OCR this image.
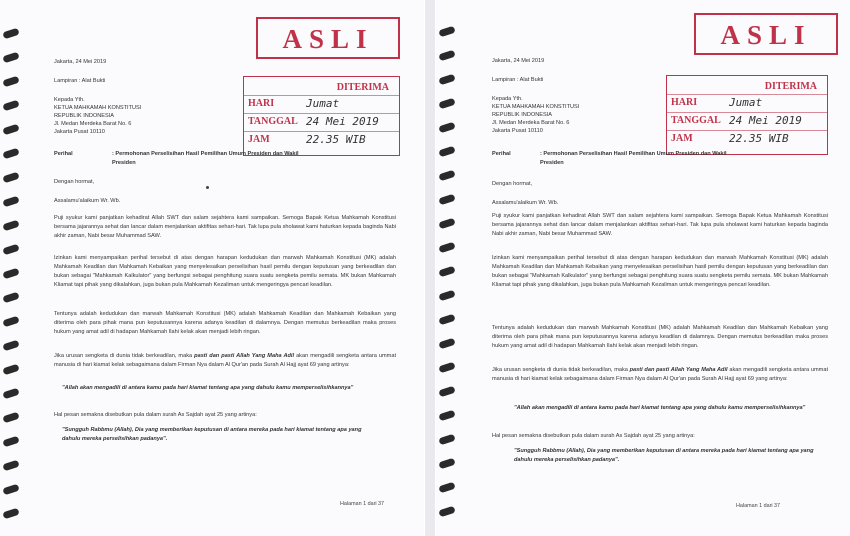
ASLI
DITERIMA
HARI	Jumat
TANGGAL 24 Mei 2019
JAM	22.35 WIB
Jakarta, 24 Mei 2019
Lampiran : Alat Bukti
Kepada Yth.
KETUA MAHKAMAH KONSTITUSI
REPUBLIK INDONESIA
Jl. Medan Merdeka Barat No. 6
Jakarta Pusat 10110
Perihal	: Permohonan Perselisihan Hasil Pemilihan Umum Presiden dan Wakil Presiden
Dengan hormat,
Assalamu'alaikum Wr. Wb.
Puji syukur kami panjatkan kehadirat Allah SWT dan salam sejahtera kami sampaikan. Semoga Bapak Ketua Mahkamah Konstitusi bersama jajarannya sehat dan lancar dalam menjalankan aktifitas sehari-hari. Tak lupa pula sholawat kami haturkan kepada baginda Nabi akhir zaman, Nabi besar Muhammad SAW.
Izinkan kami menyampaikan perihal tersebut di atas dengan harapan kedudukan dan marwah Mahkamah Konstitusi (MK) adalah Mahkamah Keadilan dan Mahkamah Kebaikan yang menyelesaikan perselisihan hasil pemilu dengan keputusan yang berkeadilan dan bukan sebagai "Mahkamah Kalkulator" yang berfungsi sebagai penghitung suara suatu sengketa pemilu semata. MK bukan Mahkamah Kliamat tapi pihak yang dikalahkan, juga bukan pula Mahkamah Kezaliman untuk mengeringya pencari keadilan.
Tentunya adalah kedudukan dan marwah Mahkamah Konstitusi (MK) adalah Mahkamah Keadilan dan Mahkamah Kebaikan yang diterima oleh para pihak mana pun keputusannya karena adanya keadilan di dalamnya. Dengan memutus berkeadilan maka proses hukum yang amat adil di hadapan Mahkamah Ilahi kelak akan menjadi lebih ringan.
Jika urusan sengketa di dunia tidak berkeadilan, maka pasti dan pasti Allah Yang Maha Adil akan mengadili sengketa antara ummat manusia di hari kiamat kelak sebagaimana dalam Firman Nya dalam Al Qur'an pada Surah Al Hajj ayat 69 yang artinya:
"Allah akan mengadili di antara kamu pada hari kiamat tentang apa yang dahulu kamu memperselisihkannya"
Hal pesan semakna disebutkan pula dalam surah As Sajdah ayat 25 yang artinya:
"Sungguh Rabbmu (Allah), Dia yang memberikan keputusan di antara mereka pada hari kiamat tentang apa yang dahulu mereka perselisihkan padanya".
Halaman 1 dari 37
ASLI
DITERIMA
HARI	Jumat
TANGGAL 24 Mei 2019
JAM	22.35 WIB
Jakarta, 24 Mei 2019
Lampiran : Alat Bukti
Kepada Yth.
KETUA MAHKAMAH KONSTITUSI
REPUBLIK INDONESIA
Jl. Medan Merdeka Barat No. 6
Jakarta Pusat 10110
Perihal	: Permohonan Perselisihan Hasil Pemilihan Umum Presiden dan Wakil Presiden
Dengan hormat,
Assalamu'alaikum Wr. Wb.
Puji syukur kami panjatkan kehadirat Allah SWT dan salam sejahtera kami sampaikan. Semoga Bapak Ketua Mahkamah Konstitusi bersama jajarannya sehat dan lancar dalam menjalankan aktifitas sehari-hari. Tak lupa pula sholawat kami haturkan kepada baginda Nabi akhir zaman, Nabi besar Muhammad SAW.
Izinkan kami menyampaikan perihal tersebut di atas dengan harapan kedudukan dan marwah Mahkamah Konstitusi (MK) adalah Mahkamah Keadilan dan Mahkamah Kebaikan yang menyelesaikan perselisihan hasil pemilu dengan keputusan yang berkeadilan dan bukan sebagai "Mahkamah Kalkulator" yang berfungsi sebagai penghitung suara suatu sengketa pemilu semata. MK bukan Mahkamah Kliamat tapi pihak yang dikalahkan, juga bukan pula Mahkamah Kezaliman untuk mengeringya pencari keadilan.
Tentunya adalah kedudukan dan marwah Mahkamah Konstitusi (MK) adalah Mahkamah Keadilan dan Mahkamah Kebaikan yang diterima oleh para pihak mana pun keputusannya karena adanya keadilan di dalamnya. Dengan memutus berkeadilan maka proses hukum yang amat adil di hadapan Mahkamah Ilahi kelak akan menjadi lebih ringan.
Jika urusan sengketa di dunia tidak berkeadilan, maka pasti dan pasti Allah Yang Maha Adil akan mengadili sengketa antara ummat manusia di hari kiamat kelak sebagaimana dalam Firman Nya dalam Al Qur'an pada Surah Al Hajj ayat 69 yang artinya:
"Allah akan mengadili di antara kamu pada hari kiamat tentang apa yang dahulu kamu memperselisihkannya"
Hal pesan semakna disebutkan pula dalam surah As Sajdah ayat 25 yang artinya:
"Sungguh Rabbmu (Allah), Dia yang memberikan keputusan di antara mereka pada hari kiamat tentang apa yang dahulu mereka perselisihkan padanya".
Halaman 1 dari 37
